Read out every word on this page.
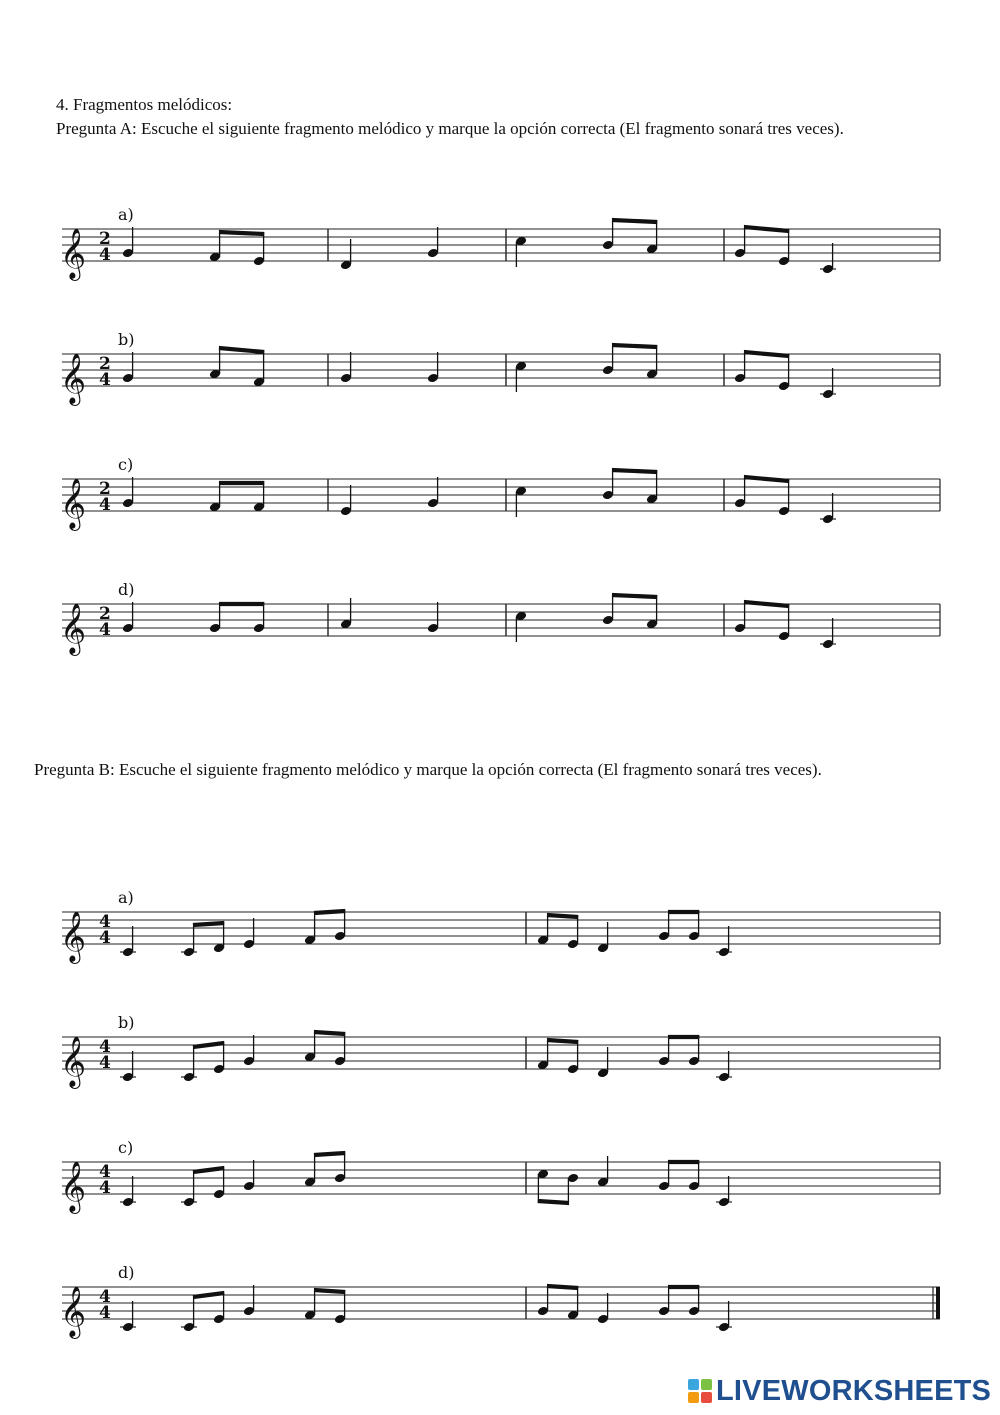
4. Fragmentos melódicos:
Pregunta A: Escuche el siguiente fragmento melódico y marque la opción correcta (El fragmento sonará tres veces).
Pregunta B: Escuche el siguiente fragmento melódico y marque la opción correcta (El fragmento sonará tres veces).
a)
𝄞 2
4
b)
𝄞 2
4
c)
𝄞 2
4
d)
𝄞 2
4
a)
𝄞 4
4
b)
𝄞 4
4
c)
𝄞 4
4
d)
𝄞 4
4
LIVEWORKSHEETS
